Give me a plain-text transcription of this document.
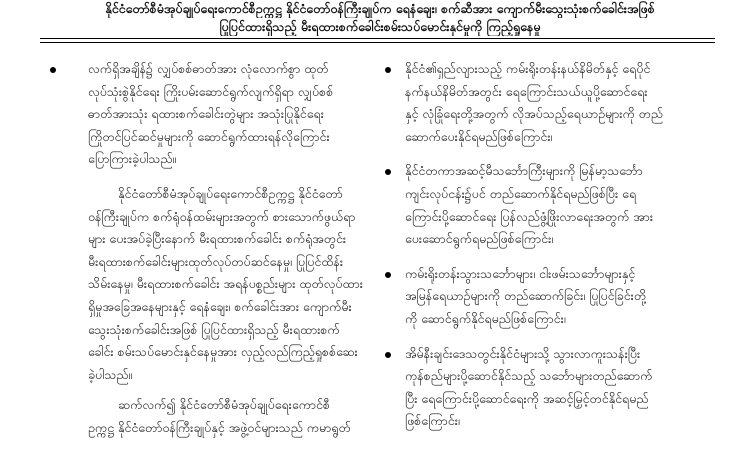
နိုင်ငံတော်စီမံအုပ်ချုပ်ရေးကောင်စီဥက္ကဋ္ဌ နိုင်ငံတော်ဝန်ကြီးချုပ်က ရေနံချေး၊ စက်ဆီအား ကျောက်မီးသွေးသုံးစက်ခေါင်းအဖြစ်
ပြုပြင်ထားရှိသည့် မီးရထားစက်ခေါင်းစမ်းသပ်မောင်းနှင်မှုကို ကြည့်ရှုနေမှု
လက်ရှိအချိန်၌ လျှပ်စစ်ဓာတ်အား လုံလောက်စွာ ထုတ်
လုပ်သုံးစွဲနိုင်ရေး ကြိုးပမ်းဆောင်ရွက်လျက်ရှိရာ လျှပ်စစ်
ဓာတ်အားသုံး ရထားစက်ခေါင်းတွဲများ အသုံးပြုနိုင်ရေး
ကြိုတင်ပြင်ဆင်မှုများကို ဆောင်ရွက်ထားရန်လိုကြောင်း
ပြောကြားခဲ့ပါသည်။
နိုင်ငံတော်စီမံအုပ်ချုပ်ရေးကောင်စီဥက္ကဋ္ဌ နိုင်ငံတော်
ဝန်ကြီးချုပ်က စက်ရုံဝန်ထမ်းများအတွက် စားသောက်ဖွယ်ရာ
များ ပေးအပ်ခဲ့ပြီးနောက် မီးရထားစက်ခေါင်း စက်ရုံအတွင်း
မီးရထားစက်ခေါင်းများထုတ်လုပ်တပ်ဆင်နေမှု၊ ပြုပြင်ထိန်း
သိမ်းနေမှု၊ မီးရထားစက်ခေါင်း အရန်ပစ္စည်းများ ထုတ်လုပ်ထား
ရှိမှုအခြေအနေများနှင့် ရေနံချေး၊ စက်ခေါင်းအား ကျောက်မီး
သွေးသုံးစက်ခေါင်းအဖြစ် ပြုပြင်ထားရှိသည့် မီးရထားစက်
ခေါင်း စမ်းသပ်မောင်းနှင်နေမှုအား လှည့်လည်ကြည့်ရှုစစ်ဆေး
ခဲ့ပါသည်။
ဆက်လက်၍ နိုင်ငံတော်စီမံအုပ်ချုပ်ရေးကောင်စီ
ဥက္ကဋ္ဌ နိုင်ငံတော်ဝန်ကြီးချုပ်နှင့် အဖွဲ့ဝင်များသည် ကမာရွတ်
နိုင်ငံ၏ရှည်လျားသည့် ကမ်းရိုးတန်းနယ်နိမိတ်နှင့် ရေပိုင်
နက်နယ်နိမိတ်အတွင်း ရေကြောင်းသယ်ယူပို့ဆောင်ရေး
နှင့် လုံခြုံရေးတို့အတွက် လိုအပ်သည့်ရေယာဉ်များကို တည်
ဆောက်ပေးနိုင်ရမည်ဖြစ်ကြောင်း၊
နိုင်ငံတကာအဆင့်မီသင်္ဘောကြီးများကို မြန်မာ့သင်္ဘော
ကျင်းလုပ်ငန်း၌ပင် တည်ဆောက်နိုင်ရမည်ဖြစ်ပြီး ရေ
ကြောင်းပို့ဆောင်ရေး ပြန်လည်ဖွံ့ဖြိုးလာရေးအတွက် အား
ပေးဆောင်ရွက်ရမည်ဖြစ်ကြောင်း၊
ကမ်းရိုးတန်းသွားသင်္ဘောများ၊ ငါးဖမ်းသင်္ဘောများနှင့်
အမြန်ရေယာဉ်များကို တည်ဆောက်ခြင်း၊ ပြုပြင်ခြင်းတို့
ကို ဆောင်ရွက်နိုင်ရမည်ဖြစ်ကြောင်း၊
အိမ်နီးချင်းဒေသတွင်းနိုင်ငံများသို့ သွားလာကူးသန်းပြီး
ကုန်စည်များပို့ဆောင်နိုင်သည့် သင်္ဘောများတည်ဆောက်
ပြီး ရေကြောင်းပို့ဆောင်ရေးကို အဆင့်မြှင့်တင်နိုင်ရမည်
ဖြစ်ကြောင်း၊
